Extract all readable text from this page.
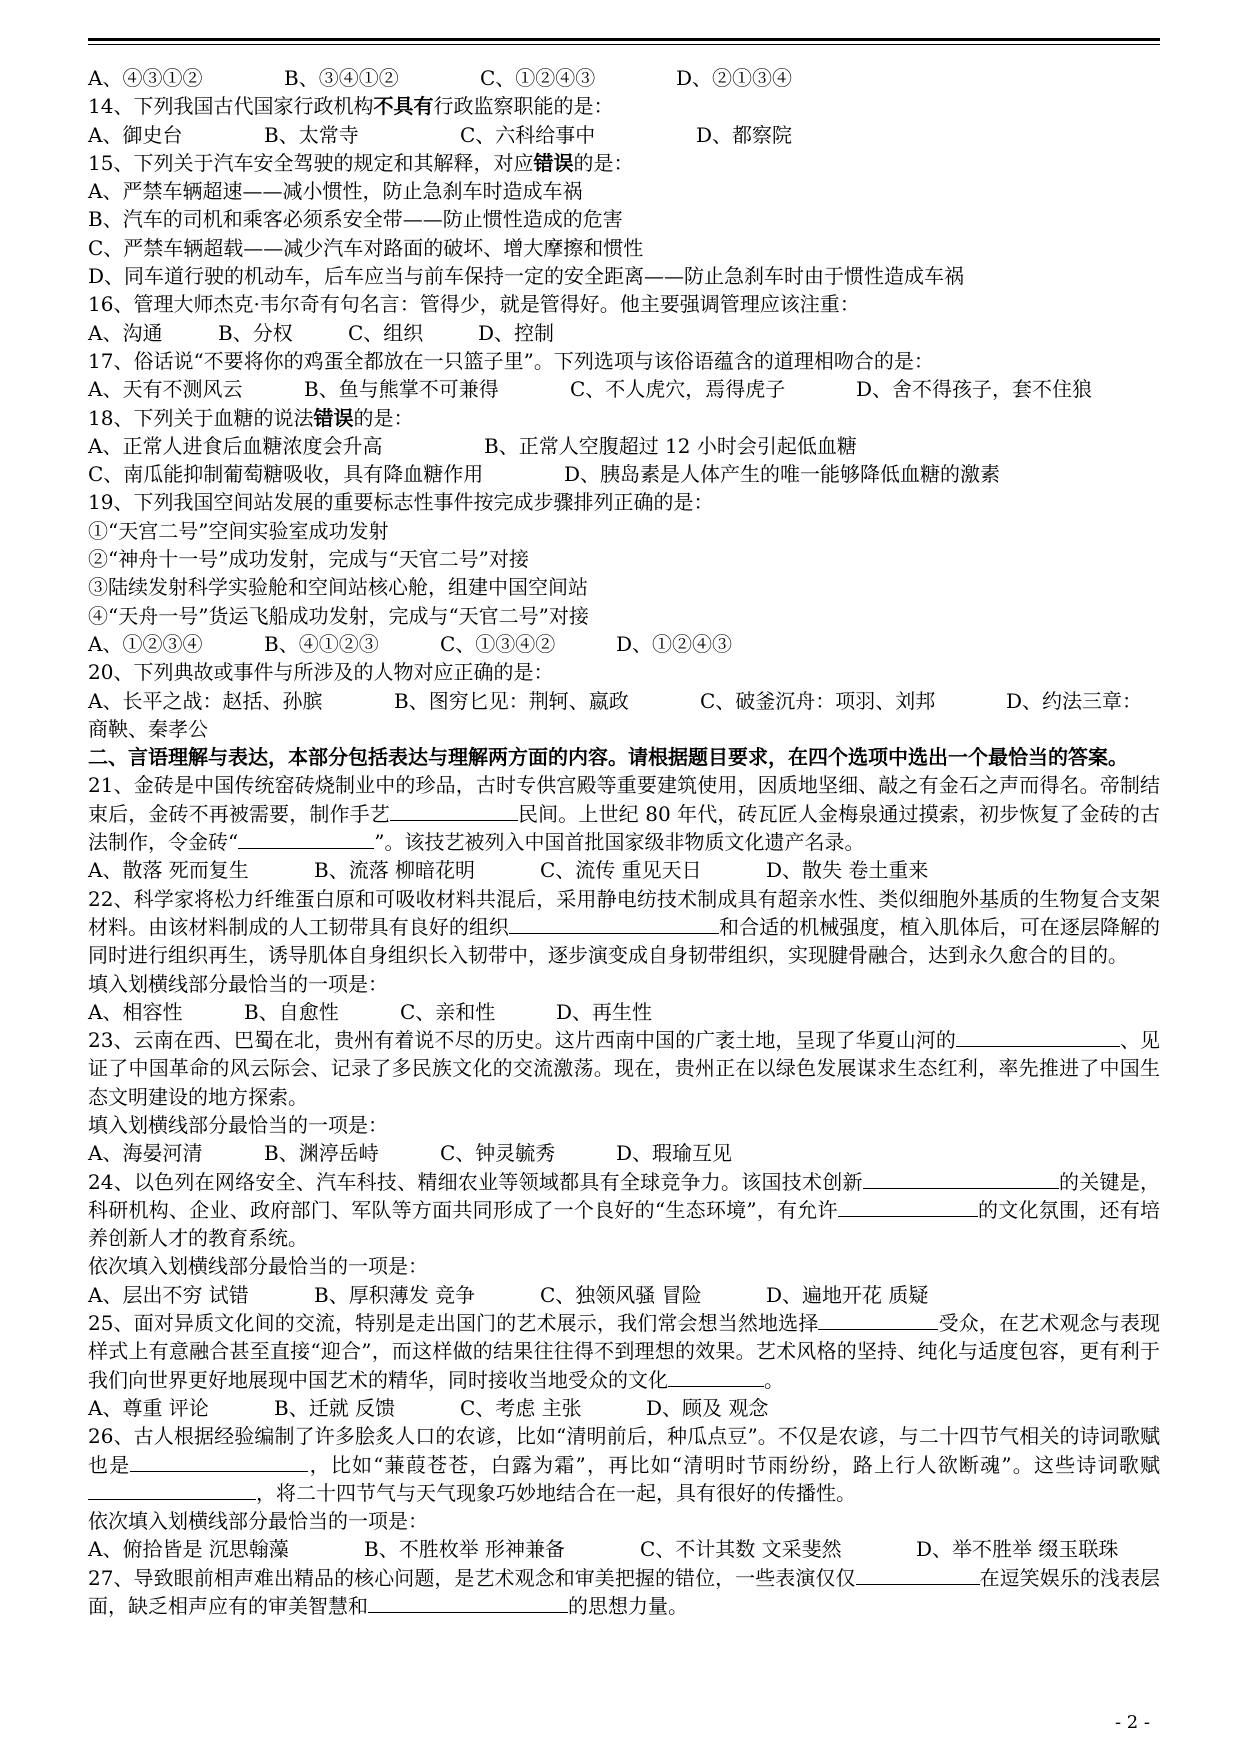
A、④③①②	B、③④①②	C、①②④③	D、②①③④
14、下列我国古代国家行政机构不具有行政监察职能的是：
A、御史台	B、太常寺	C、六科给事中	D、都察院
15、下列关于汽车安全驾驶的规定和其解释，对应错误的是：
A、严禁车辆超速——减小惯性，防止急刹车时造成车祸
B、汽车的司机和乘客必须系安全带——防止惯性造成的危害
C、严禁车辆超载——减少汽车对路面的破坏、增大摩擦和惯性
D、同车道行驶的机动车，后车应当与前车保持一定的安全距离——防止急刹车时由于惯性造成车祸
16、管理大师杰克·韦尔奇有句名言：管得少，就是管得好。他主要强调管理应该注重：
A、沟通	B、分权	C、组织	D、控制
17、俗话说“不要将你的鸡蛋全都放在一只篮子里”。下列选项与该俗语蕴含的道理相吻合的是：
A、天有不测风云	B、鱼与熊掌不可兼得	C、不人虎穴，焉得虎子	D、舍不得孩子，套不住狼
18、下列关于血糖的说法错误的是：
A、正常人进食后血糖浓度会升高	B、正常人空腹超过 12 小时会引起低血糖
C、南瓜能抑制葡萄糖吸收，具有降血糖作用	D、胰岛素是人体产生的唯一能够降低血糖的激素
19、下列我国空间站发展的重要标志性事件按完成步骤排列正确的是：
①“天宫二号”空间实验室成功发射
②“神舟十一号”成功发射，完成与“天官二号”对接
③陆续发射科学实验舱和空间站核心舱，组建中国空间站
④“天舟一号”货运飞船成功发射，完成与“天官二号”对接
A、①②③④	B、④①②③	C、①③④②	D、①②④③
20、下列典故或事件与所涉及的人物对应正确的是：
A、长平之战：赵括、孙膑	B、图穷匕见：荆轲、嬴政	C、破釜沉舟：项羽、刘邦	D、约法三章：
商鞅、秦孝公
二、言语理解与表达，本部分包括表达与理解两方面的内容。请根据题目要求，在四个选项中选出一个最恰当的答案。
21、金砖是中国传统窑砖烧制业中的珍品，古时专供宫殿等重要建筑使用，因质地坚细、敲之有金石之声而得名。帝制结束后，金砖不再被需要，制作手艺	民间。上世纪 80 年代，砖瓦匠人金梅泉通过摸索，初步恢复了金砖的古法制作，令金砖“	”。该技艺被列入中国首批国家级非物质文化遗产名录。
A、散落 死而复生	B、流落 柳暗花明	C、流传 重见天日	D、散失 卷土重来
22、科学家将松力纤维蛋白原和可吸收材料共混后，采用静电纺技术制成具有超亲水性、类似细胞外基质的生物复合支架材料。由该材料制成的人工韧带具有良好的组织	和合适的机械强度，植入肌体后，可在逐层降解的同时进行组织再生，诱导肌体自身组织长入韧带中，逐步演变成自身韧带组织，实现腱骨融合，达到永久愈合的目的。
填入划横线部分最恰当的一项是：
A、相容性	B、自愈性	C、亲和性	D、再生性
23、云南在西、巴蜀在北，贵州有着说不尽的历史。这片西南中国的广袤土地，呈现了华夏山河的	、见证了中国革命的风云际会、记录了多民族文化的交流激荡。现在，贵州正在以绿色发展谋求生态红利，率先推进了中国生态文明建设的地方探索。
填入划横线部分最恰当的一项是：
A、海晏河清	B、渊渟岳峙	C、钟灵毓秀	D、瑕瑜互见
24、以色列在网络安全、汽车科技、精细农业等领域都具有全球竞争力。该国技术创新	的关键是，科研机构、企业、政府部门、军队等方面共同形成了一个良好的“生态环境”，有允许	的文化氛围，还有培养创新人才的教育系统。
依次填入划横线部分最恰当的一项是：
A、层出不穷 试错	B、厚积薄发 竞争	C、独领风骚 冒险	D、遍地开花 质疑
25、面对异质文化间的交流，特别是走出国门的艺术展示，我们常会想当然地选择	受众，在艺术观念与表现样式上有意融合甚至直接“迎合”，而这样做的结果往往得不到理想的效果。艺术风格的坚持、纯化与适度包容，更有利于我们向世界更好地展现中国艺术的精华，同时接收当地受众的文化	。
A、尊重 评论	B、迁就 反馈	C、考虑 主张	D、顾及 观念
26、古人根据经验编制了许多脍炙人口的农谚，比如“清明前后，种瓜点豆”。不仅是农谚，与二十四节气相关的诗词歌赋也是	，比如“蒹葭苍苍，白露为霜”，再比如“清明时节雨纷纷，路上行人欲断魂”。这些诗词歌赋，将二十四节气与天气现象巧妙地结合在一起，具有很好的传播性。
依次填入划横线部分最恰当的一项是：
A、俯拾皆是 沉思翰藻	B、不胜枚举 形神兼备	C、不计其数 文采斐然	D、举不胜举 缀玉联珠
27、导致眼前相声难出精品的核心问题，是艺术观念和审美把握的错位，一些表演仅仅	在逗笑娱乐的浅表层面，缺乏相声应有的审美智慧和	的思想力量。
- 2 -
